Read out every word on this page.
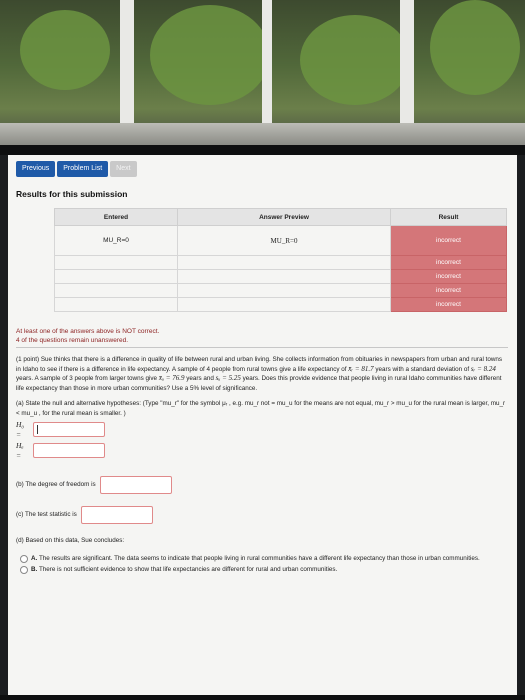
Previous	Problem List	Next
Results for this submission
Entered	Answer Preview	Result
MU_R=0	MU_R=0	incorrect
		incorrect
		incorrect
		incorrect
		incorrect
At least one of the answers above is NOT correct.
4 of the questions remain unanswered.

(1 point) Sue thinks that there is a difference in quality of life between rural and urban living. She collects information from obituaries in newspapers from urban and rural towns in Idaho to see if there is a difference in life expectancy. A sample of 4 people from rural towns give a life expectancy of x̄ᵣ = 81.7 years with a standard deviation of sᵣ = 8.24 years. A sample of 3 people from larger towns give x̄ᵤ = 76.9 years and sᵤ = 5.25 years. Does this provide evidence that people living in rural Idaho communities have different life expectancy than those in more urban communities? Use a 5% level of significance.

(a) State the null and alternative hypotheses: (Type "mu_r" for the symbol μᵣ , e.g. mu_r not = mu_u for the means are not equal, mu_r > mu_u for the rural mean is larger, mu_r < mu_u , for the rural mean is smaller. )

H₀ =
Hₐ =
(b) The degree of freedom is
(c) The test statistic is

(d) Based on this data, Sue concludes:

A. The results are significant. The data seems to indicate that people living in rural communities have a different life expectancy than those in urban communities.
B. There is not sufficient evidence to show that life expectancies are different for rural and urban communities.
